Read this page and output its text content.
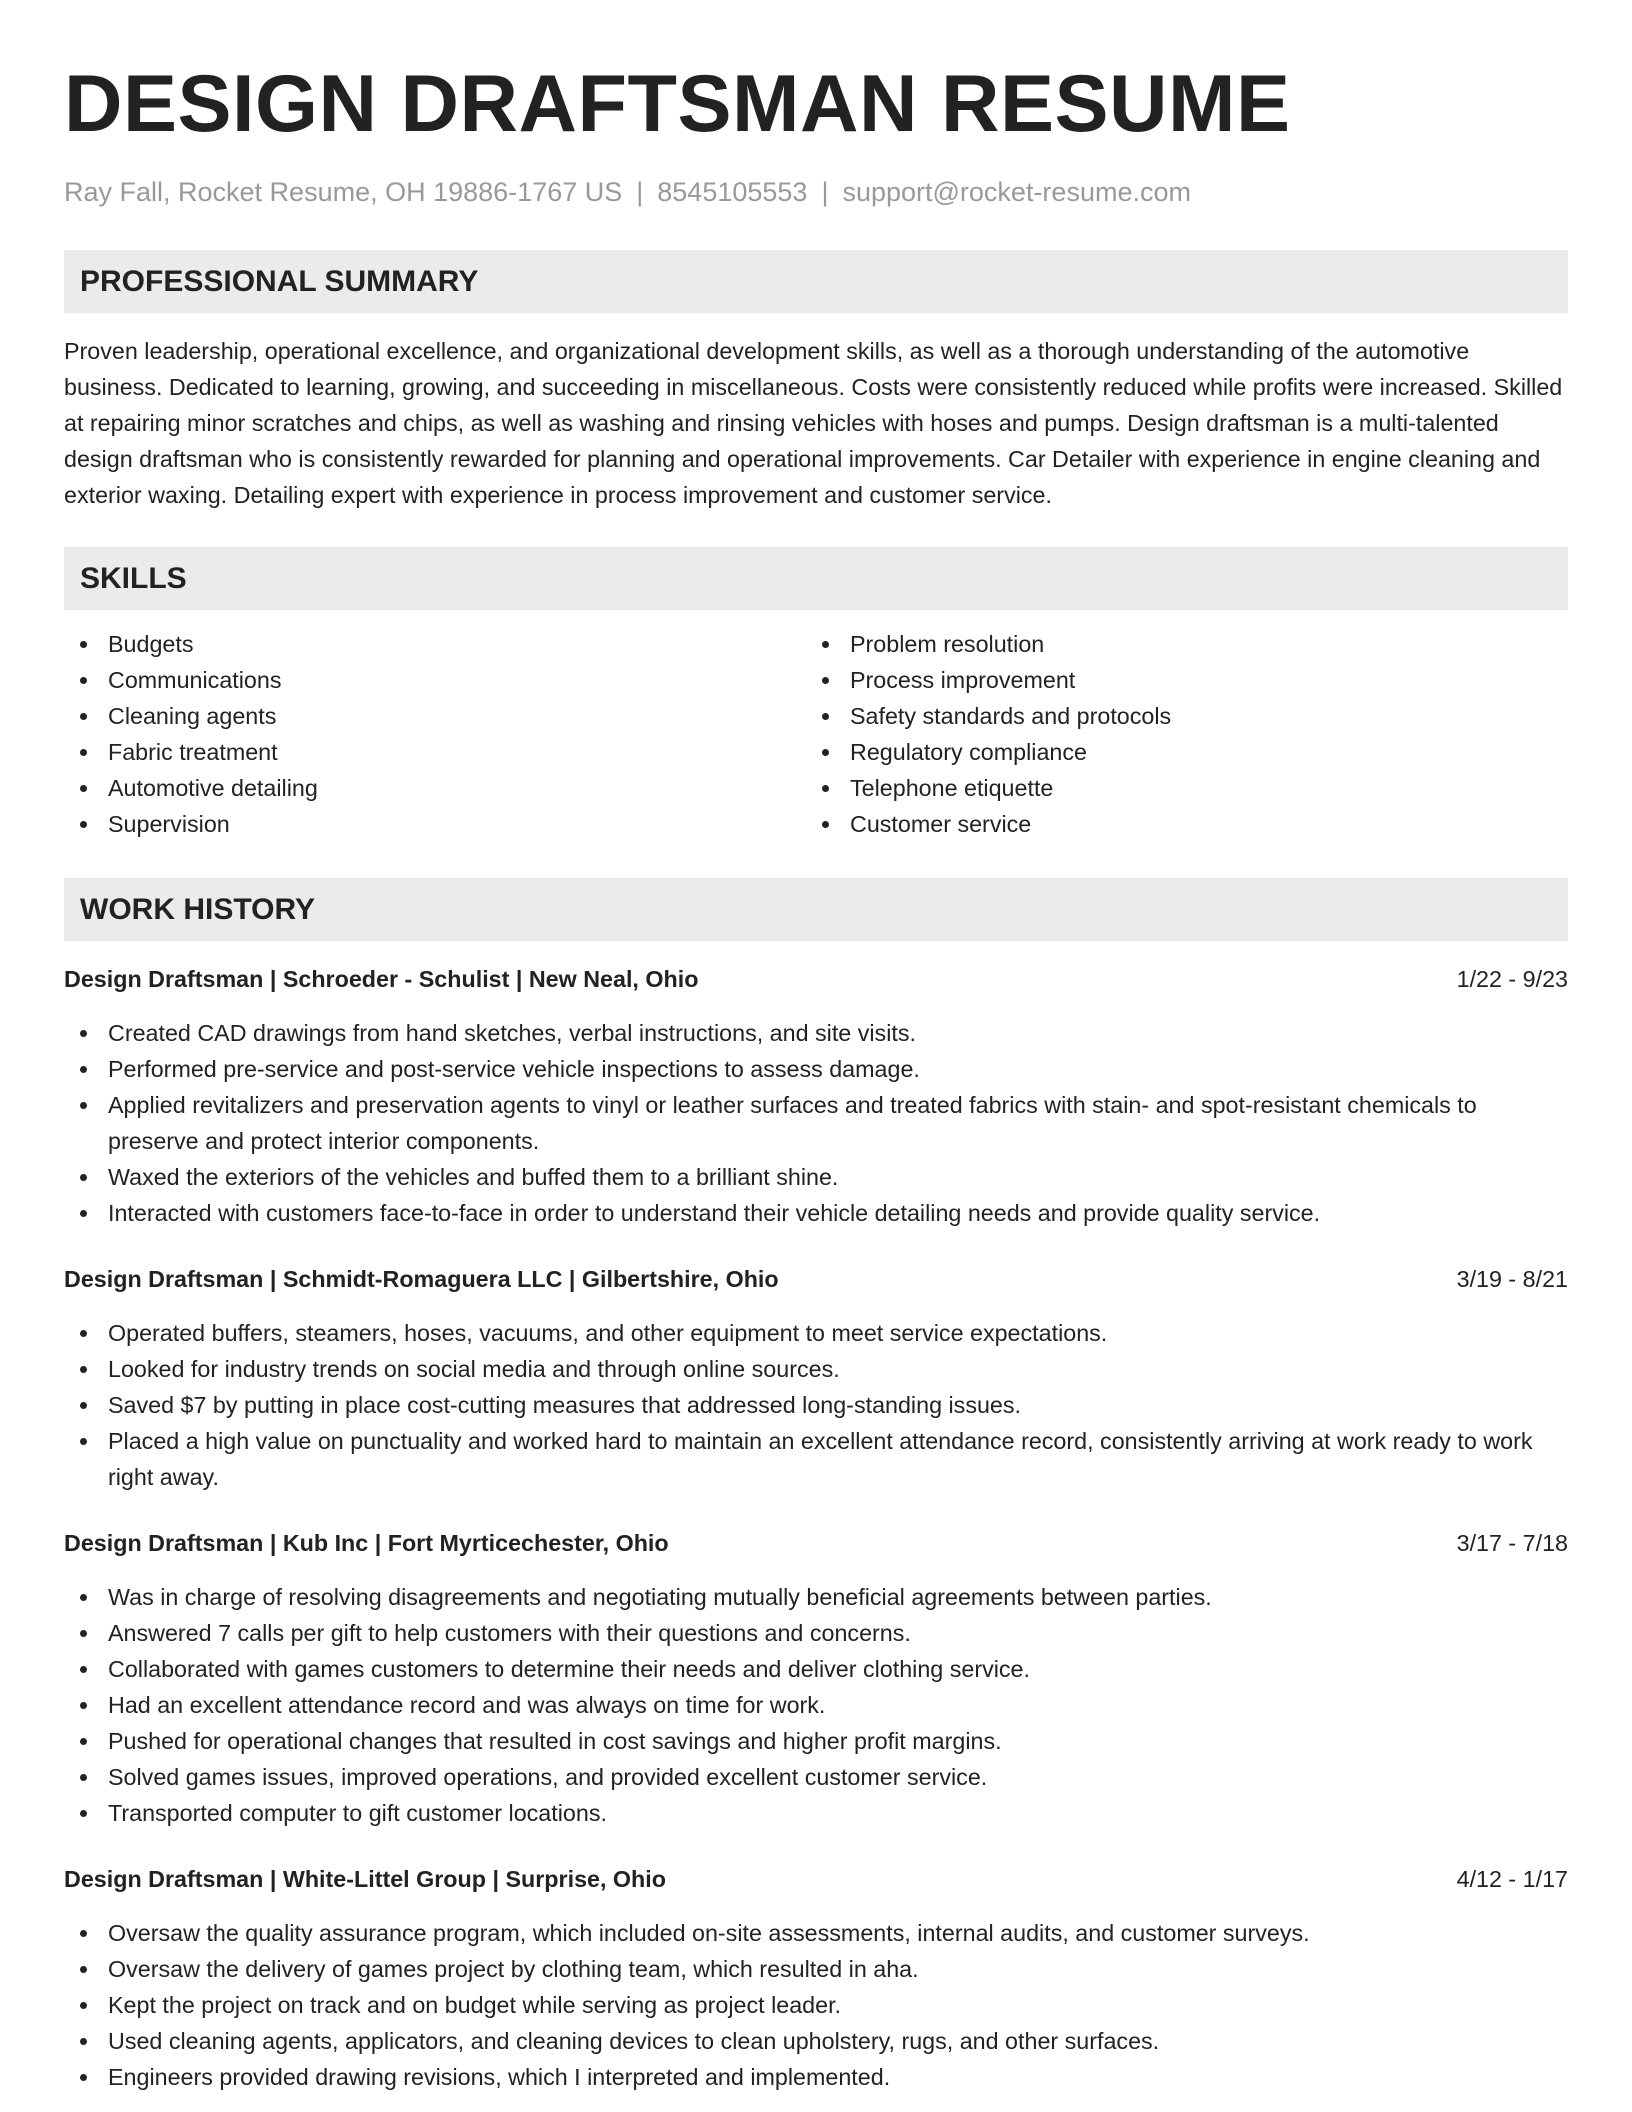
DESIGN DRAFTSMAN RESUME
Ray Fall, Rocket Resume, OH 19886-1767 US | 8545105553 | support@rocket-resume.com
PROFESSIONAL SUMMARY

Proven leadership, operational excellence, and organizational development skills, as well as a thorough understanding of the automotive business. Dedicated to learning, growing, and succeeding in miscellaneous. Costs were consistently reduced while profits were increased. Skilled at repairing minor scratches and chips, as well as washing and rinsing vehicles with hoses and pumps. Design draftsman is a multi-talented design draftsman who is consistently rewarded for planning and operational improvements. Car Detailer with experience in engine cleaning and exterior waxing. Detailing expert with experience in process improvement and customer service.

SKILLS
Budgets
Communications
Cleaning agents
Fabric treatment
Automotive detailing
Supervision
Problem resolution
Process improvement
Safety standards and protocols
Regulatory compliance
Telephone etiquette
Customer service
WORK HISTORY
Design Draftsman | Schroeder - Schulist | New Neal, Ohio	1/22 - 9/23
Created CAD drawings from hand sketches, verbal instructions, and site visits.
Performed pre-service and post-service vehicle inspections to assess damage.
Applied revitalizers and preservation agents to vinyl or leather surfaces and treated fabrics with stain- and spot-resistant chemicals to preserve and protect interior components.
Waxed the exteriors of the vehicles and buffed them to a brilliant shine.
Interacted with customers face-to-face in order to understand their vehicle detailing needs and provide quality service.
Design Draftsman | Schmidt-Romaguera LLC | Gilbertshire, Ohio	3/19 - 8/21
Operated buffers, steamers, hoses, vacuums, and other equipment to meet service expectations.
Looked for industry trends on social media and through online sources.
Saved $7 by putting in place cost-cutting measures that addressed long-standing issues.
Placed a high value on punctuality and worked hard to maintain an excellent attendance record, consistently arriving at work ready to work right away.
Design Draftsman | Kub Inc | Fort Myrticechester, Ohio	3/17 - 7/18
Was in charge of resolving disagreements and negotiating mutually beneficial agreements between parties.
Answered 7 calls per gift to help customers with their questions and concerns.
Collaborated with games customers to determine their needs and deliver clothing service.
Had an excellent attendance record and was always on time for work.
Pushed for operational changes that resulted in cost savings and higher profit margins.
Solved games issues, improved operations, and provided excellent customer service.
Transported computer to gift customer locations.
Design Draftsman | White-Littel Group | Surprise, Ohio	4/12 - 1/17
Oversaw the quality assurance program, which included on-site assessments, internal audits, and customer surveys.
Oversaw the delivery of games project by clothing team, which resulted in aha.
Kept the project on track and on budget while serving as project leader.
Used cleaning agents, applicators, and cleaning devices to clean upholstery, rugs, and other surfaces.
Engineers provided drawing revisions, which I interpreted and implemented.
